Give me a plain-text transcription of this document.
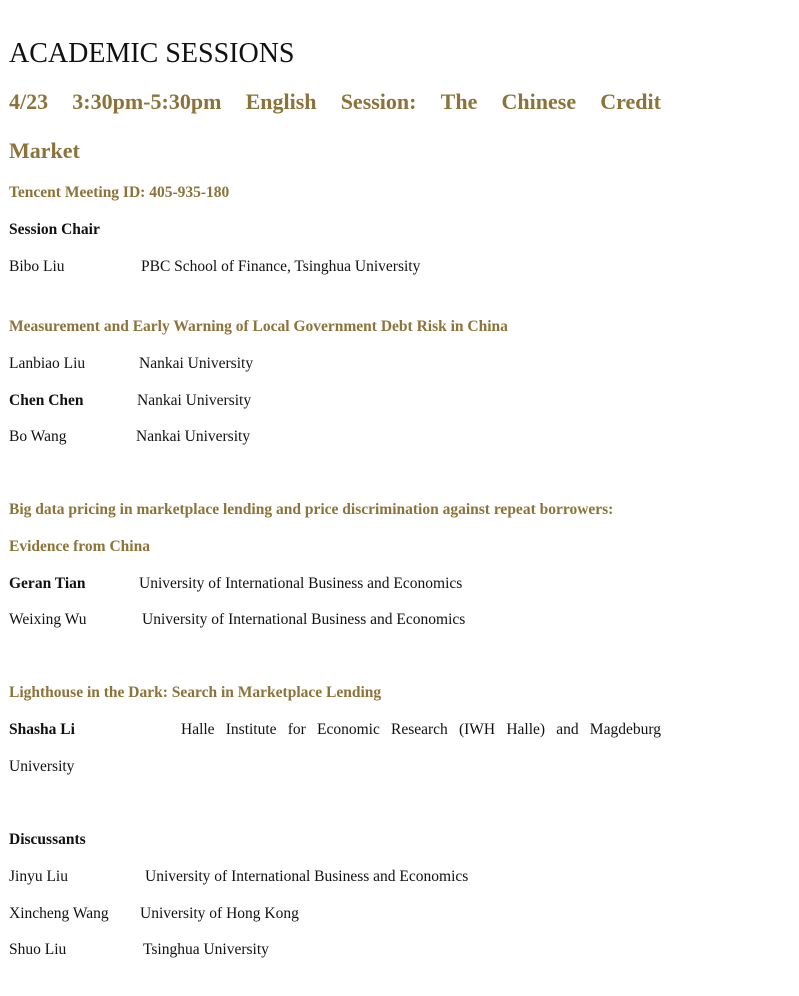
ACADEMIC SESSIONS
4/23 3:30pm-5:30pm English Session: The Chinese Credit
Market
Tencent Meeting ID: 405-935-180
Session Chair
Bibo Liu	PBC School of Finance, Tsinghua University
Measurement and Early Warning of Local Government Debt Risk in China
Lanbiao Liu	Nankai University
Chen Chen	Nankai University
Bo Wang	Nankai University
Big data pricing in marketplace lending and price discrimination against repeat borrowers:
Evidence from China
Geran Tian	University of International Business and Economics
Weixing Wu	University of International Business and Economics
Lighthouse in the Dark: Search in Marketplace Lending
Shasha Li	Halle Institute for Economic Research (IWH Halle) and Magdeburg
University
Discussants
Jinyu Liu	University of International Business and Economics
Xincheng Wang University of Hong Kong
Shuo Liu	Tsinghua University
